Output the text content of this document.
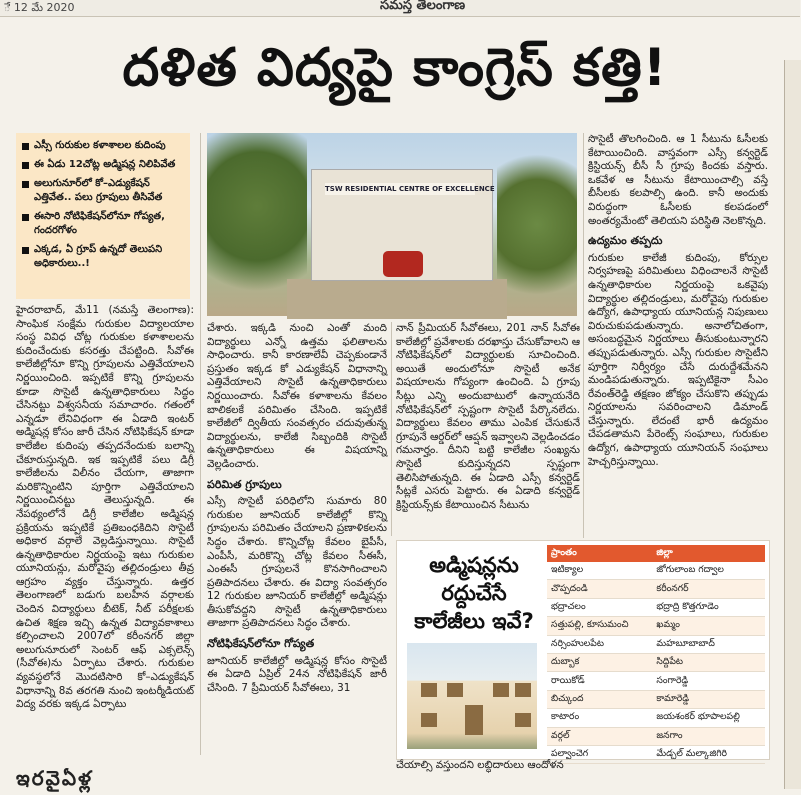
ే 12 మే 2020	సమస్త తెలంగాణ
దళిత విద్యపై కాంగ్రెస్ కత్తి!
ఎస్సీ గురుకుల కళాశాలల కుదింపు
ఈ ఏడు 12చోట్ల అడ్మిషన్ల నిలిపివేత
అలుగునూర్‌లో కో–ఎడ్యుకేషన్ ఎత్తివేత.. పలు గ్రూపులు తీసివేత
ఈసారి నోటిఫికేషన్‌లోనూ గోప్యత, గందరగోళం
ఎక్కడ, ఏ గ్రూప్ ఉన్నదో తెలుపని అధికారులు..!
TSW RESIDENTIAL CENTRE OF EXCELLENCE

హైదరాబాద్, మే11 (నమస్తే తెలంగాణ): సాంఘిక సంక్షేమ గురుకుల విద్యాలయాల సంస్థ వివిధ చోట్ల గురుకుల కళాశాలలను కుదించేందుకు కసరత్తు చేపట్టింది. సీవోఈ కాలేజీల్లోనూ కొన్ని గ్రూపులను ఎత్తివేయాలని నిర్ణయించింది. ఇప్పటికే కొన్ని గ్రూపులను కూడా సొసైటీ ఉన్నతాధికారులు సిద్ధం చేసినట్టు విశ్వసనీయ సమాచారం. గతంలో ఎన్నడూ లేనివిధంగా ఈ ఏడాది ఇంటర్ అడ్మిషన్ల కోసం జారీ చేసిన నోటిఫికేషన్ కూడా కాలేజీల కుదింపు తప్పదనేందుకు బలాన్ని చేకూరుస్తున్నది. ఇక ఇప్పటికే పలు డిగ్రీ కాలేజీలను విలీనం చేయగా, తాజాగా మరికొన్నింటిని పూర్తిగా ఎత్తివేయాలని నిర్ణయించినట్టు తెలుస్తున్నది. ఈ నేపథ్యంలోనే డిగ్రీ కాలేజీల అడ్మిషన్ల ప్రక్రియను ఇప్పటికే ప్రతిబంధకిదిని సొసైటీ అధికార వర్గాలే వెల్లడిస్తున్నాయి. సొసైటీ ఉన్నతాధికారుల నిర్ణయంపై ఇటు గురుకుల యూనియన్లు, మరోవైపు తల్లిదండ్రులు తీవ్ర ఆగ్రహం వ్యక్తం చేస్తున్నారు. ఉత్తర తెలంగాణలో బడుగు బలహీన వర్గాలకు చెందిన విద్యార్థులు బీటెక్, నీట్ పరీక్షలకు ఉచిత శిక్షణ ఇచ్చి ఉన్నత విద్యావకాశాలు కల్పించాలని 2007లో కరీంనగర్ జిల్లా అలుగునూరులో సెంటర్ ఆఫ్ ఎక్సలెన్స్ (సీవోఈ)ను ఏర్పాటు చేశారు. గురుకుల వ్యవస్థలోనే మొదటిసారి కో–ఎడ్యుకేషన్ విధానాన్ని 8వ తరగతి నుంచి ఇంటర్మీడియట్ విద్య వరకు ఇక్కడ ఏర్పాటు

చేశారు. ఇక్కడి నుంచి ఎంతో మంది విద్యార్థులు ఎన్నో ఉత్తమ ఫలితాలను సాధించారు. కానీ కారణాలేవీ చెప్పకుండానే ప్రస్తుతం ఇక్కడ కో ఎడ్యుకేషన్ విధానాన్ని ఎత్తివేయాలని సొసైటీ ఉన్నతాధికారులు నిర్ణయించారు. సీవోఈ కళాశాలను కేవలం బాలికలకే పరిమితం చేసింది. ఇప్పటికే కాలేజీలో ద్వితీయ సంవత్సరం చదువుతున్న విద్యార్థులను, కాలేజీ సిబ్బందికి సొసైటీ ఉన్నతాధికారులు ఈ విషయాన్ని వెల్లడించారు.

పరిమిత గ్రూపులు

ఎస్సీ సొసైటీ పరిధిలోని సుమారు 80 గురుకుల జూనియర్ కాలేజీల్లో కొన్ని గ్రూపులను పరిమితం చేయాలని ప్రణాళికలను సిద్ధం చేశారు. కొన్నిచోట్ల కేవలం బైపీసీ, ఎంపీసీ, మరికొన్ని చోట్ల కేవలం సీఈసీ, ఎంఈసీ గ్రూపులనే కొనసాగించాలని ప్రతిపాదనలు చేశారు. ఈ విద్యా సంవత్సరం 12 గురుకుల జూనియర్ కాలేజీల్లో అడ్మిషన్లు తీసుకోవద్దని సొసైటీ ఉన్నతాధికారులు తాజాగా ప్రతిపాదనలు సిద్ధం చేశారు.

నోటిఫికేషన్‌లోనూ గోప్యత

జూనియర్ కాలేజీల్లో అడ్మిషన్ల కోసం సొసైటీ ఈ ఏడాది ఏప్రిల్ 24న నోటిఫికేషన్ జారీ చేసింది. 7 ప్రీమియర్ సీవోఈలు, 31

నాన్ ప్రీమియర్ సీవోఈలు, 201 నాన్ సీవోఈ కాలేజీల్లో ప్రవేశాలకు దరఖాస్తు చేసుకోవాలని ఆ నోటిఫికేషన్‌లో విద్యార్థులకు సూచించింది. అయితే అందులోనూ సొసైటీ అనేక విషయాలను గోప్యంగా ఉంచింది. ఏ గ్రూపు సీట్లు ఎన్ని అందుబాటులో ఉన్నాయనేది నోటిఫికేషన్‌లో స్పష్టంగా సొసైటీ పేర్కొనలేదు. విద్యార్థులు కేవలం తాము ఎంపిక చేసుకునే గ్రూపునే ఆర్డర్‌లో ఆప్షన్ ఇవ్వాలని వెల్లడించడం గమనార్హం. దీనిని బట్టి కాలేజీల సంఖ్యను సొసైటీ కుదిస్తున్నదని స్పష్టంగా తెలిసిపోతున్నది. ఈ ఏడాది ఎస్సీ కన్వర్టెడ్ సీట్లకే ఎసరు పెట్టారు. ఈ ఏడాది కన్వర్టెడ్ క్రిస్టియన్స్‌కు కేటాయించిన సీటును

సొసైటీ తొలగించింది. ఆ 1 సీటును ఓసీలకు కేటాయించింది. వాస్తవంగా ఎస్సీ కన్వర్టెడ్ క్రిస్టియన్స్ బీసీ సీ గ్రూపు కిందకు వస్తారు. ఒకవేళ ఆ సీటును కేటాయించాల్సి వస్తే బీసీలకు కలపాల్సి ఉంది. కానీ అందుకు విరుద్ధంగా ఓసీలకు కలపడంలో అంతర్యమేంటో తెలియని పరిస్థితి నెలకొన్నది.

ఉద్యమం తప్పదు

గురుకుల కాలేజీ కుదింపు, కోర్సుల నిర్వహణపై పరిమితులు విధించాలనే సొసైటీ ఉన్నతాధికారుల నిర్ణయంపై ఒకవైపు విద్యార్థుల తల్లిదండ్రులు, మరోవైపు గురుకుల ఉద్యోగ, ఉపాధ్యాయ యూనియన్ల నిపుణులు విరుచుకుపడుతున్నారు. అనాలోచితంగా, అసంబద్ధమైన నిర్ణయాలు తీసుకుంటున్నారని తప్పుపడుతున్నారు. ఎస్సీ గురుకుల సొసైటీని పూర్తిగా నిర్వీర్యం చేసే దురుద్దేశమేనని మండిపడుతున్నారు. ఇప్పటికైనా సీఎం రేవంత్‌రెడ్డి తక్షణం జోక్యం చేసుకొని తప్పుడు నిర్ణయాలను సవరించాలని డిమాండ్ చేస్తున్నారు. లేదంటే భారీ ఉద్యమం చేపడతామని పేరెంట్స్ సంఘాలు, గురుకుల ఉద్యోగ, ఉపాధ్యాయ యూనియన్ సంఘాలు హెచ్చరిస్తున్నాయి.

అడ్మిషన్లను రద్దుచేసే కాలేజీలు ఇవే?
ప్రాంతం	జిల్లా
ఇటిక్యాల	జోగులాంబ గద్వాల
చొప్పదండి	కరీంనగర్
భద్రాచలం	భద్రాద్రి కొత్తగూడెం
సత్తుపల్లి, కూసుమంచి	ఖమ్మం
నర్సింహులపేట	మహబూబాబాద్
దుబ్బాక	సిద్దిపేట
రాయికోడ్	సంగారెడ్డి
బిచ్కుంద	కామారెడ్డి
కాటారం	జయశంకర్ భూపాలపల్లి
వర్గల్	జనగాం
పల్వాంచెగ	మేడ్చల్ మల్కాజిగిరి
చేయాల్సి వస్తుందని లబ్ధిదారులు ఆందోళన
ఇరవైఏళ్ల
